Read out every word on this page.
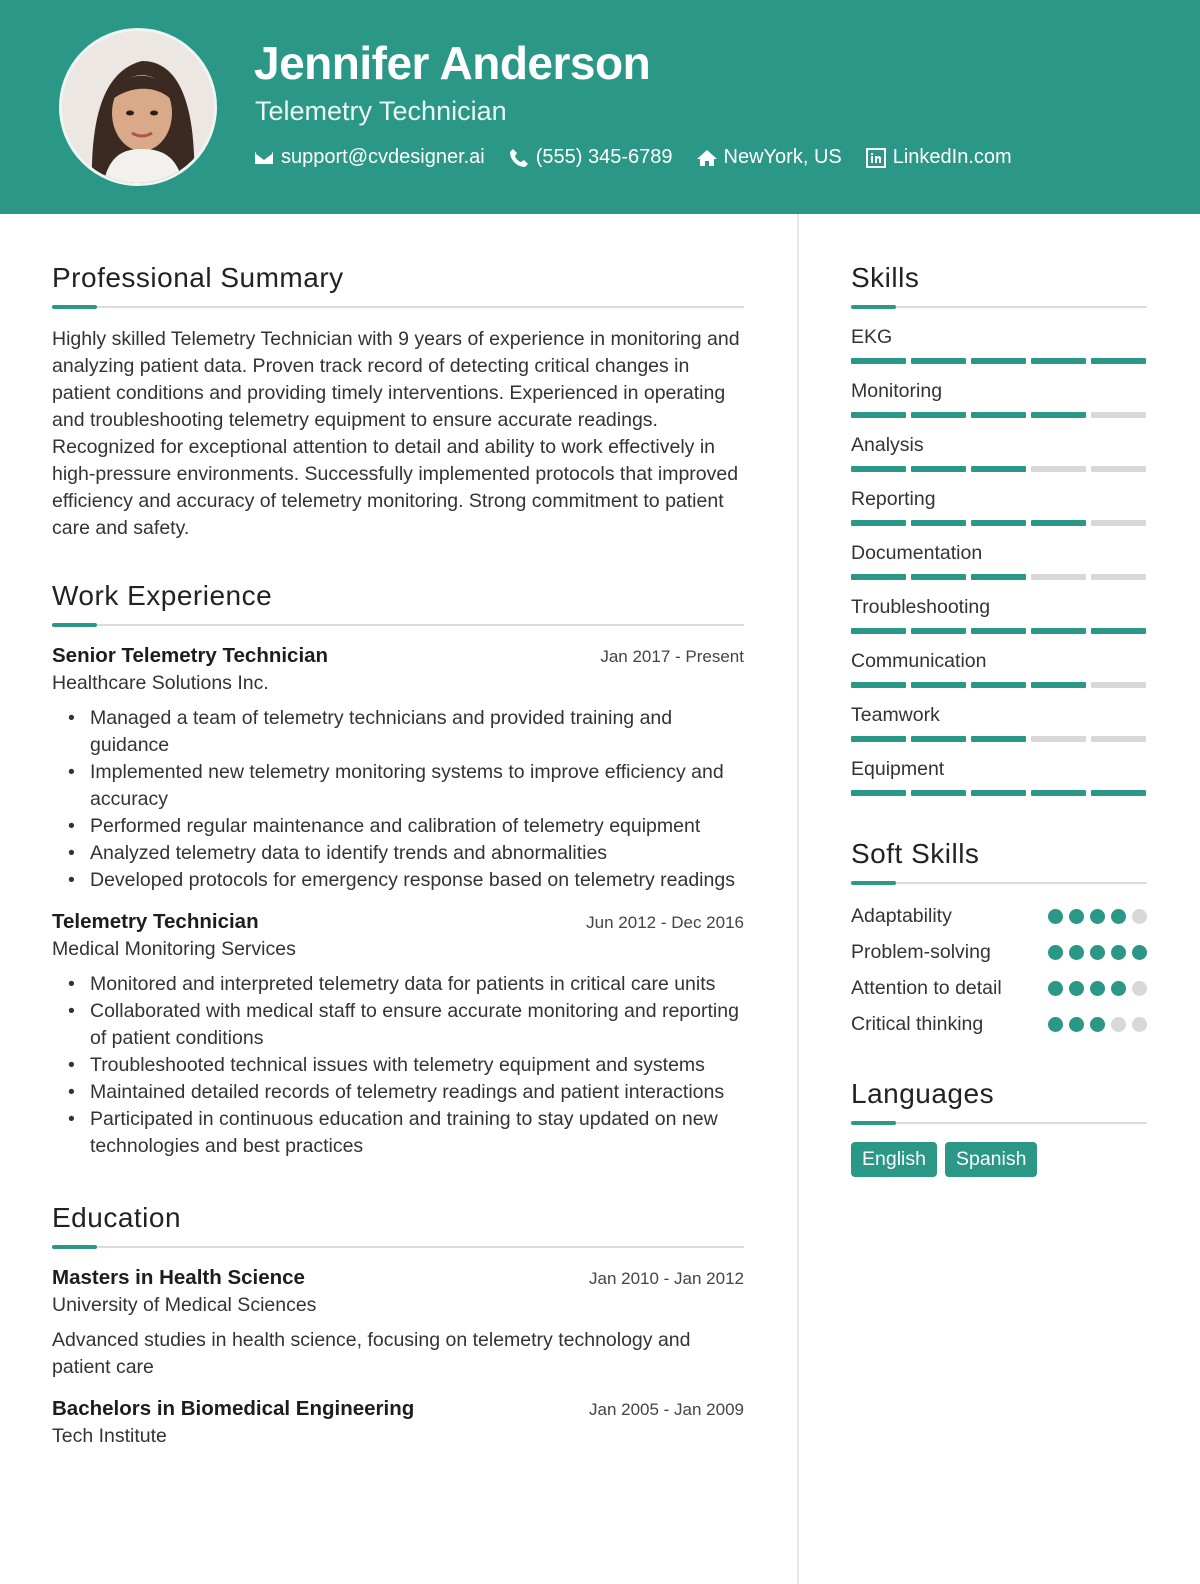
Jennifer Anderson
Telemetry Technician
support@cvdesigner.ai	(555) 345-6789	NewYork, US	LinkedIn.com
Professional Summary
Highly skilled Telemetry Technician with 9 years of experience in monitoring and analyzing patient data. Proven track record of detecting critical changes in patient conditions and providing timely interventions. Experienced in operating and troubleshooting telemetry equipment to ensure accurate readings. Recognized for exceptional attention to detail and ability to work effectively in high-pressure environments. Successfully implemented protocols that improved efficiency and accuracy of telemetry monitoring. Strong commitment to patient care and safety.
Work Experience
Senior Telemetry Technician	Jan 2017 - Present
Healthcare Solutions Inc.
• Managed a team of telemetry technicians and provided training and guidance
• Implemented new telemetry monitoring systems to improve efficiency and accuracy
• Performed regular maintenance and calibration of telemetry equipment
• Analyzed telemetry data to identify trends and abnormalities
• Developed protocols for emergency response based on telemetry readings
Telemetry Technician	Jun 2012 - Dec 2016
Medical Monitoring Services
• Monitored and interpreted telemetry data for patients in critical care units
• Collaborated with medical staff to ensure accurate monitoring and reporting of patient conditions
• Troubleshooted technical issues with telemetry equipment and systems
• Maintained detailed records of telemetry readings and patient interactions
• Participated in continuous education and training to stay updated on new technologies and best practices
Education
Masters in Health Science	Jan 2010 - Jan 2012
University of Medical Sciences
Advanced studies in health science, focusing on telemetry technology and patient care
Bachelors in Biomedical Engineering	Jan 2005 - Jan 2009
Tech Institute
Skills
EKG
Monitoring
Analysis
Reporting
Documentation
Troubleshooting
Communication
Teamwork
Equipment
Soft Skills
Adaptability
Problem-solving
Attention to detail
Critical thinking
Languages
English	Spanish
